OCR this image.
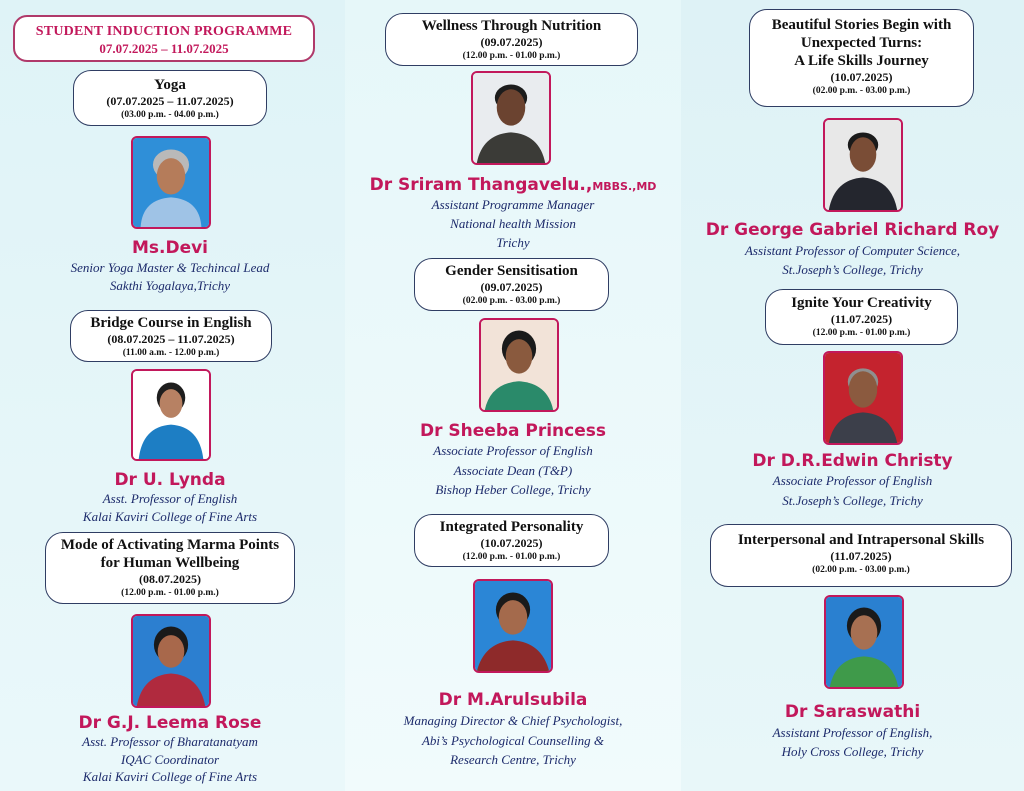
STUDENT INDUCTION PROGRAMME
07.07.2025 – 11.07.2025
Yoga
(07.07.2025 – 11.07.2025)
(03.00 p.m. - 04.00 p.m.)
Ms.Devi
Senior Yoga Master & Techincal Lead
Sakthi Yogalaya,Trichy
Bridge Course in English
(08.07.2025 – 11.07.2025)
(11.00 a.m. - 12.00 p.m.)
Dr U. Lynda
Asst. Professor of English
Kalai Kaviri College of Fine Arts
Mode of Activating Marma Points
for Human Wellbeing
(08.07.2025)
(12.00 p.m. - 01.00 p.m.)
Dr G.J. Leema Rose
Asst. Professor of Bharatanatyam
IQAC Coordinator
Kalai Kaviri College of Fine Arts
Wellness Through Nutrition
(09.07.2025)
(12.00 p.m. - 01.00 p.m.)
Dr Sriram Thangavelu.,MBBS.,MD
Assistant Programme Manager
National health Mission
Trichy
Gender Sensitisation
(09.07.2025)
(02.00 p.m. - 03.00 p.m.)
Dr Sheeba Princess
Associate Professor of English
Associate Dean (T&P)
Bishop Heber College, Trichy
Integrated Personality
(10.07.2025)
(12.00 p.m. - 01.00 p.m.)
Dr M.Arulsubila
Managing Director & Chief Psychologist,
Abi’s Psychological Counselling &
Research Centre, Trichy
Beautiful Stories Begin with
Unexpected Turns:
A Life Skills Journey
(10.07.2025)
(02.00 p.m. - 03.00 p.m.)
Dr George Gabriel Richard Roy
Assistant Professor of Computer Science,
St.Joseph’s College, Trichy
Ignite Your Creativity
(11.07.2025)
(12.00 p.m. - 01.00 p.m.)
Dr D.R.Edwin Christy
Associate Professor of English
St.Joseph’s College, Trichy
Interpersonal and Intrapersonal Skills
(11.07.2025)
(02.00 p.m. - 03.00 p.m.)
Dr Saraswathi
Assistant Professor of English,
Holy Cross College, Trichy
